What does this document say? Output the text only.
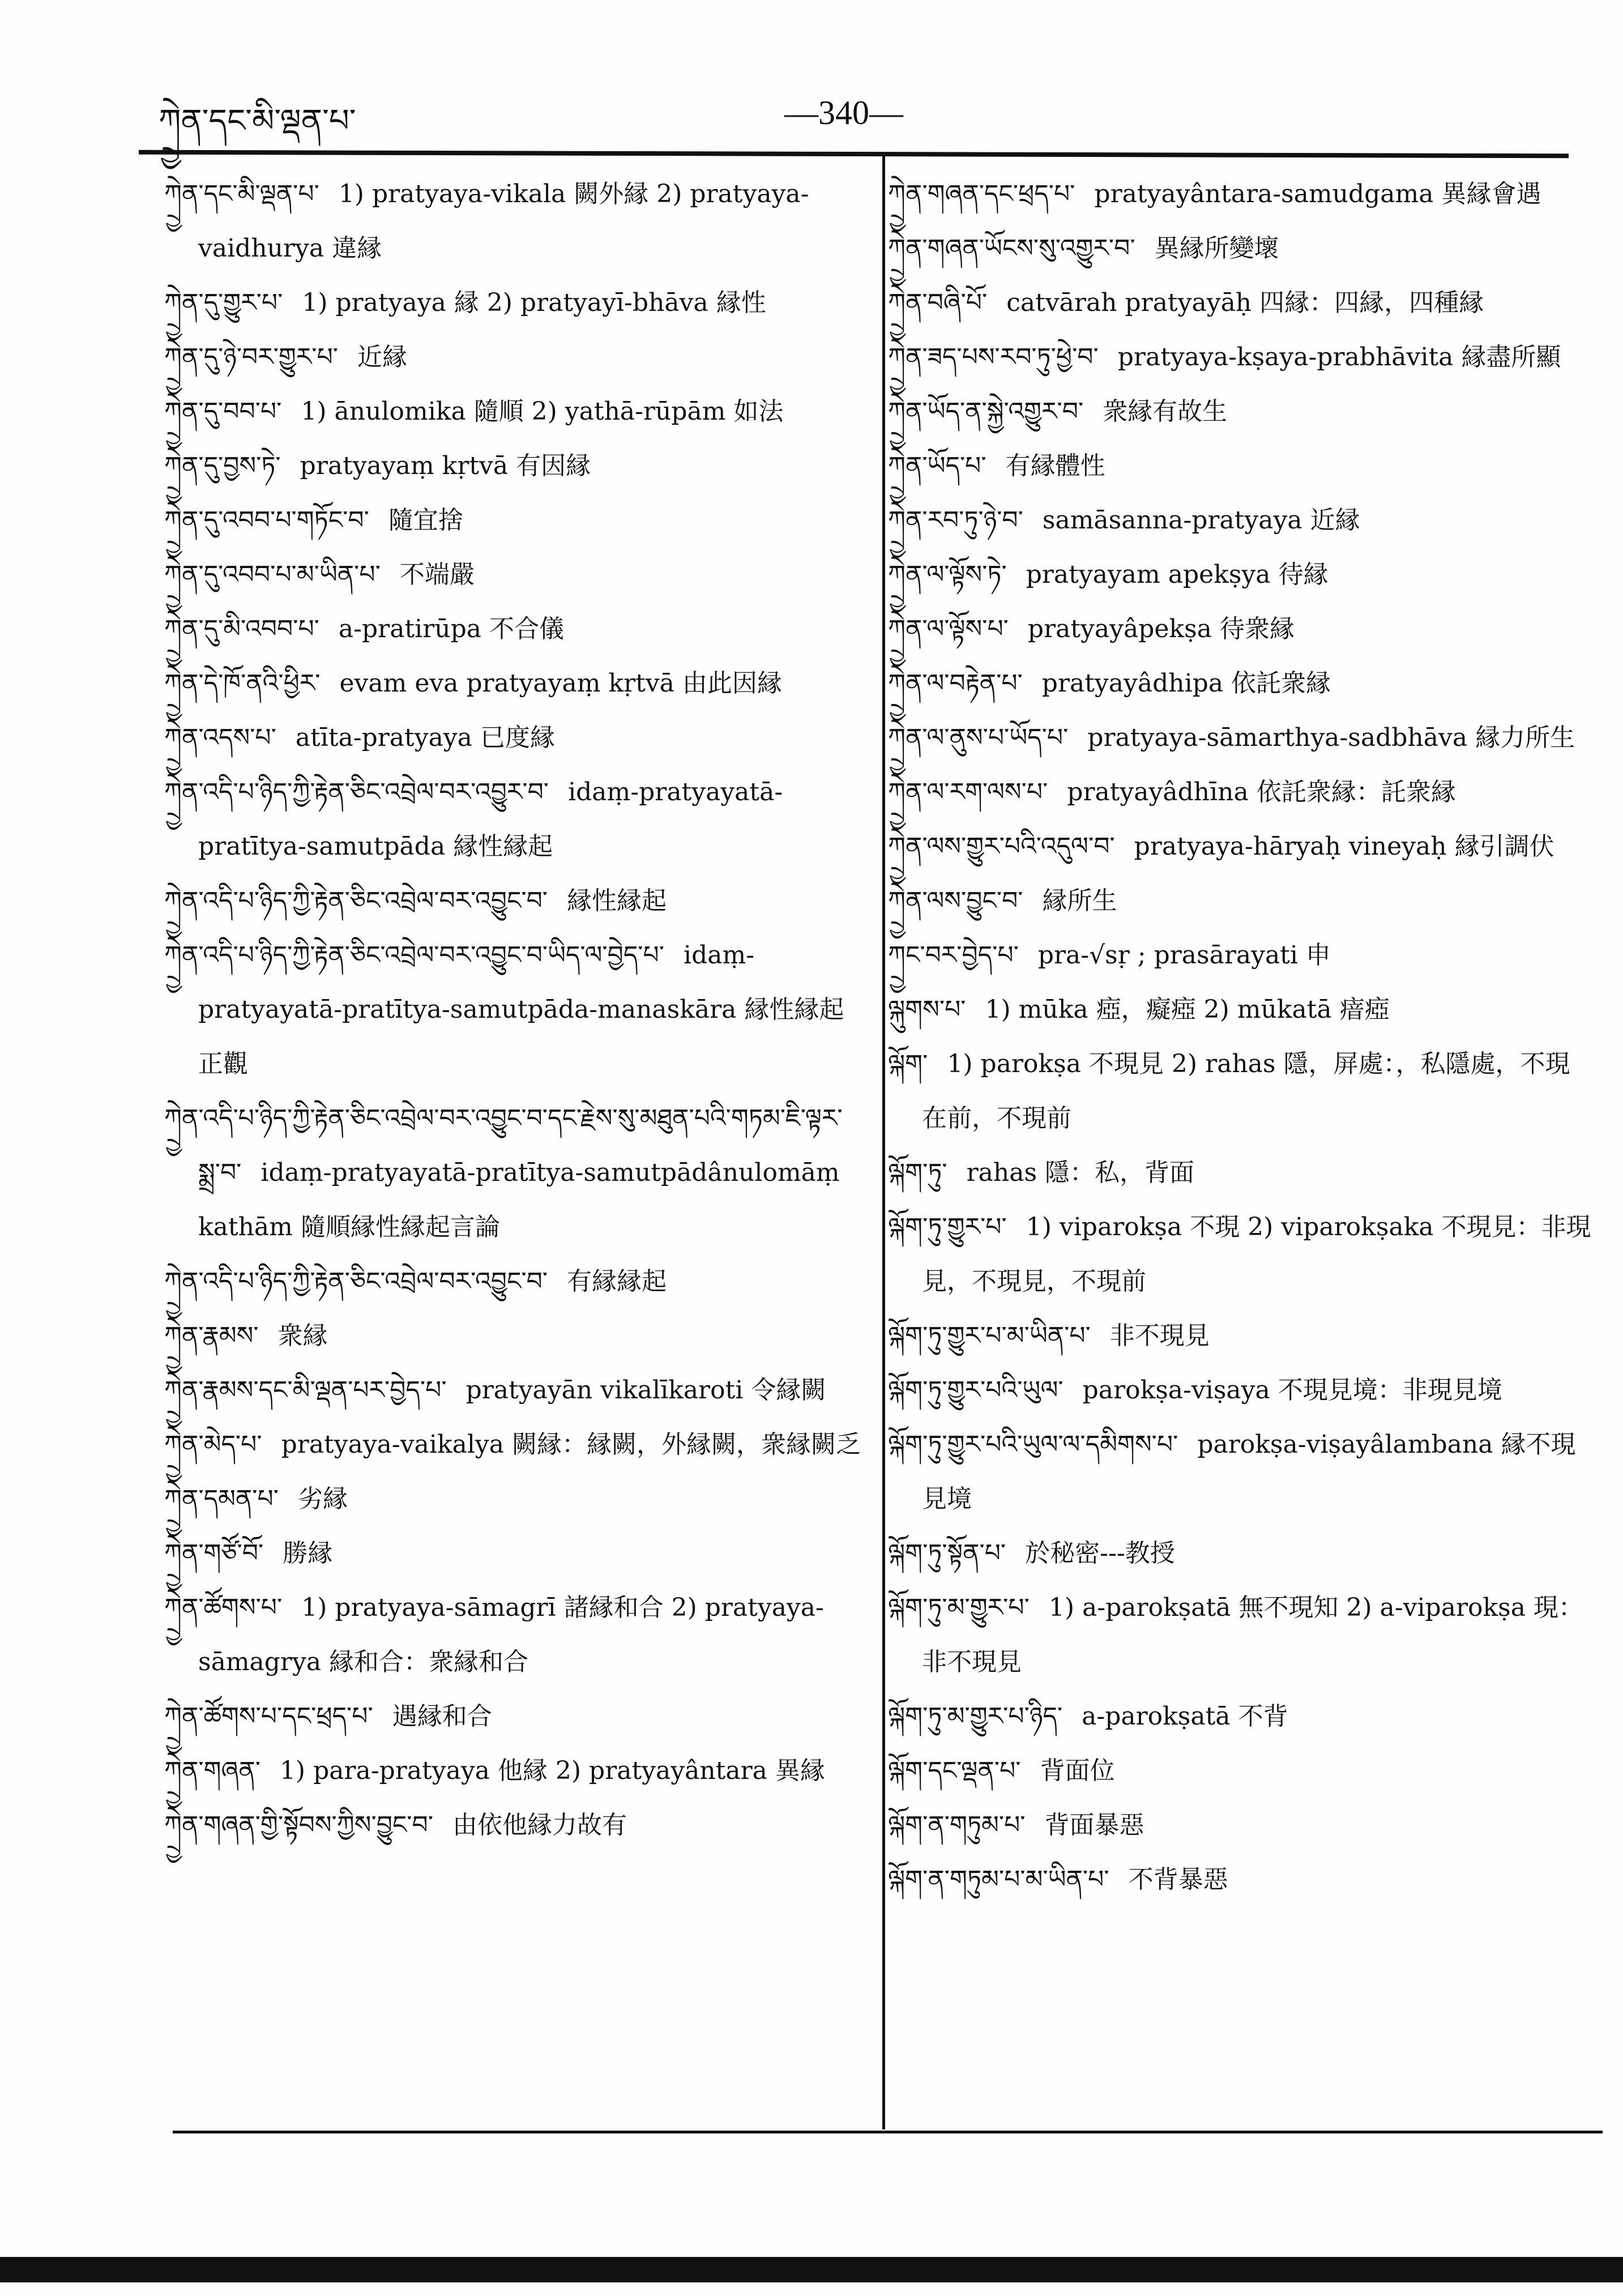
ཀྲྱེན་དང་མི་ལྡན་པ་	—340—

ཀྲྱེན་དང་མི་ལྡན་པ་ 1) pratyaya-vikala 闕外縁 2) pratyaya-vaidhurya 違縁

ཀྲྱེན་དུ་གྱུར་པ་ 1) pratyaya 縁 2) pratyayī-bhāva 縁性

ཀྲྱེན་དུ་ཉེ་བར་གྱུར་པ་ 近縁

ཀྲྱེན་དུ་བབ་པ་ 1) ānulomika 隨順 2) yathā-rūpām 如法

ཀྲྱེན་དུ་བྱས་ཏེ་ pratyayaṃ kṛtvā 有因縁

ཀྲྱེན་དུ་འབབ་པ་གཏོང་བ་ 隨宜捨

ཀྲྱེན་དུ་འབབ་པ་མ་ཡིན་པ་ 不端嚴

ཀྲྱེན་དུ་མི་འབབ་པ་ a-pratirūpa 不合儀

ཀྲྱེན་དེ་ཁོ་ནའི་ཕྱིར་ evam eva pratyayaṃ kṛtvā 由此因縁

ཀྲྱེན་འདས་པ་ atīta-pratyaya 已度縁

ཀྲྱེན་འདི་པ་ཉིད་ཀྱི་རྟེན་ཅིང་འབྲེལ་བར་འབྱུར་བ་ idaṃ-pratyayatā-pratītya-samutpāda 縁性縁起

ཀྲྱེན་འདི་པ་ཉིད་ཀྱི་རྟེན་ཅིང་འབྲེལ་བར་འབྱུང་བ་ 縁性縁起

ཀྲྱེན་འདི་པ་ཉིད་ཀྱི་རྟེན་ཅིང་འབྲེལ་བར་འབྱུང་བ་ཡིད་ལ་བྱེད་པ་ idaṃ-pratyayatā-pratītya-samutpāda-manaskāra 縁性縁起正觀

ཀྲྱེན་འདི་པ་ཉིད་ཀྱི་རྟེན་ཅིང་འབྲེལ་བར་འབྱུང་བ་དང་རྗེས་སུ་མཐུན་པའི་གཏམ་ཇི་ལྟར་སྨྲ་བ་ idaṃ-pratyayatā-pratītya-samutpādânulomāṃ kathām 隨順縁性縁起言論

ཀྲྱེན་འདི་པ་ཉིད་ཀྱི་རྟེན་ཅིང་འབྲེལ་བར་འབྱུང་བ་ 有縁縁起

ཀྲྱེན་རྣམས་ 衆縁

ཀྲྱེན་རྣམས་དང་མི་ལྡན་པར་བྱེད་པ་ pratyayān vikalīkaroti 令縁闕

ཀྲྱེན་མེད་པ་ pratyaya-vaikalya 闕縁：縁闕，外縁闕，衆縁闕乏

ཀྲྱེན་དམན་པ་ 劣縁

ཀྲྱེན་གཙོ་བོ་ 勝縁

ཀྲྱེན་ཚོགས་པ་ 1) pratyaya-sāmagrī 諸縁和合 2) pratyaya-sāmagrya 縁和合：衆縁和合

ཀྲྱེན་ཚོགས་པ་དང་ཕྲད་པ་ 遇縁和合

ཀྲྱེན་གཞན་ 1) para-pratyaya 他縁 2) pratyayântara 異縁

ཀྲྱེན་གཞན་གྱི་སྟོབས་ཀྱིས་བྱུང་བ་ 由依他縁力故有

ཀྲྱེན་གཞན་དང་ཕྲད་པ་ pratyayântara-samudgama 異縁會遇

ཀྲྱེན་གཞན་ཡོངས་སུ་འགྱུར་བ་ 異縁所變壞

ཀྲྱེན་བཞི་པོ་ catvārah pratyayāḥ 四縁：四縁，四種縁

ཀྲྱེན་ཟད་པས་རབ་ཏུ་ཕྱེ་བ་ pratyaya-kṣaya-prabhāvita 縁盡所顯

ཀྲྱེན་ཡོད་ན་སྐྱེ་འགྱུར་བ་ 衆縁有故生

ཀྲྱེན་ཡོད་པ་ 有縁體性

ཀྲྱེན་རབ་ཏུ་ཉེ་བ་ samāsanna-pratyaya 近縁

ཀྲྱེན་ལ་ལྟོས་ཏེ་ pratyayam apekṣya 待縁

ཀྲྱེན་ལ་ལྟོས་པ་ pratyayâpekṣa 待衆縁

ཀྲྱེན་ལ་བརྟེན་པ་ pratyayâdhipa 依託衆縁

ཀྲྱེན་ལ་ནུས་པ་ཡོད་པ་ pratyaya-sāmarthya-sadbhāva 縁力所生

ཀྲྱེན་ལ་རག་ལས་པ་ pratyayâdhīna 依託衆縁：託衆縁

ཀྲྱེན་ལས་གྱུར་པའི་འདུལ་བ་ pratyaya-hāryaḥ vineyaḥ 縁引調伏

ཀྲྱེན་ལས་བྱུང་བ་ 縁所生

ཀྲྱང་བར་བྱེད་པ་ pra-√sṛ ; prasārayati 申

ལྐུགས་པ་ 1) mūka 瘂，癡瘂 2) mūkatā 瘖瘂

ལྐོག་ 1) parokṣa 不現見 2) rahas 隱，屏處：，私隱處，不現在前，不現前

ལྐོག་ཏུ་ rahas 隱：私，背面

ལྐོག་ཏུ་གྱུར་པ་ 1) viparokṣa 不現 2) viparokṣaka 不現見：非現見，不現見，不現前

ལྐོག་ཏུ་གྱུར་པ་མ་ཡིན་པ་ 非不現見

ལྐོག་ཏུ་གྱུར་པའི་ཡུལ་ parokṣa-viṣaya 不現見境：非現見境

ལྐོག་ཏུ་གྱུར་པའི་ཡུལ་ལ་དམིགས་པ་ parokṣa-viṣayâlambana 縁不現見境

ལྐོག་ཏུ་སྟོན་པ་ 於秘密---教授

ལྐོག་ཏུ་མ་གྱུར་པ་ 1) a-parokṣatā 無不現知 2) a-viparokṣa 現：非不現見

ལྐོག་ཏུ་མ་གྱུར་པ་ཉིད་ a-parokṣatā 不背

ལྐོག་དང་ལྡན་པ་ 背面位

ལྐོག་ན་གཏུམ་པ་ 背面暴惡

ལྐོག་ན་གཏུམ་པ་མ་ཡིན་པ་ 不背暴惡
